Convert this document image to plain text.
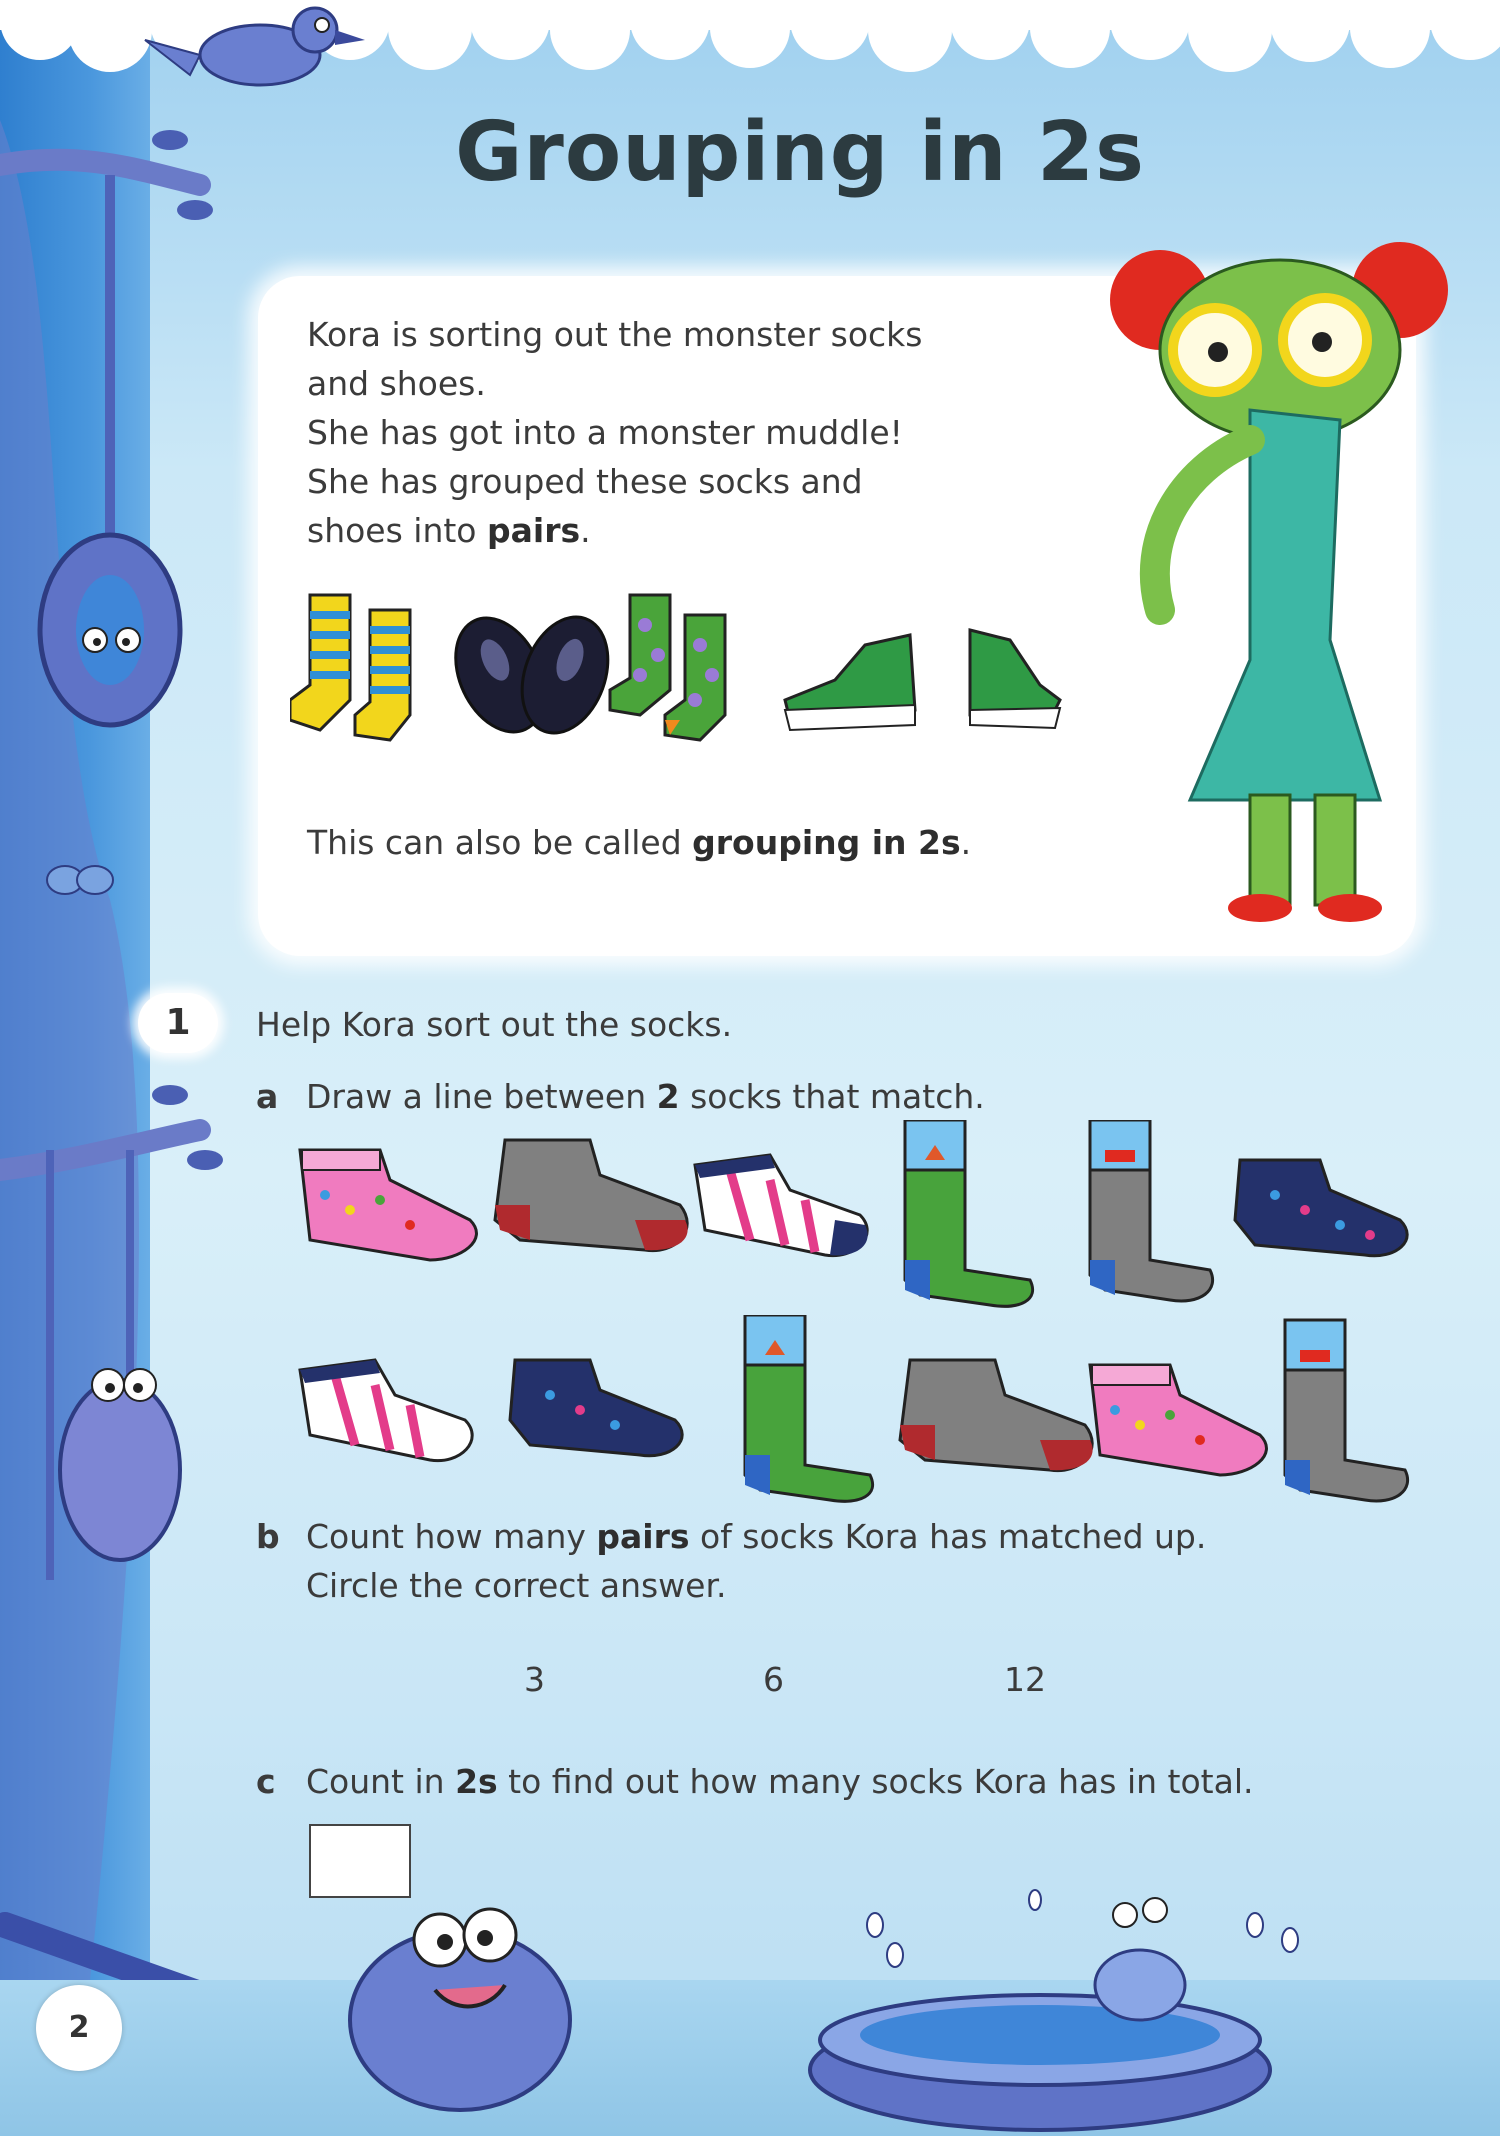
Grouping in 2s

Kora is sorting out the monster socks

and shoes.

She has got into a monster muddle!

She has grouped these socks and

shoes into pairs.

This can also be called grouping in 2s.
1	Help Kora sort out the socks.
a Draw a line between 2 socks that match.
b Count how many pairs of socks Kora has matched up.
Circle the correct answer.
3	6	12
c Count in 2s to find out how many socks Kora has in total.
2
